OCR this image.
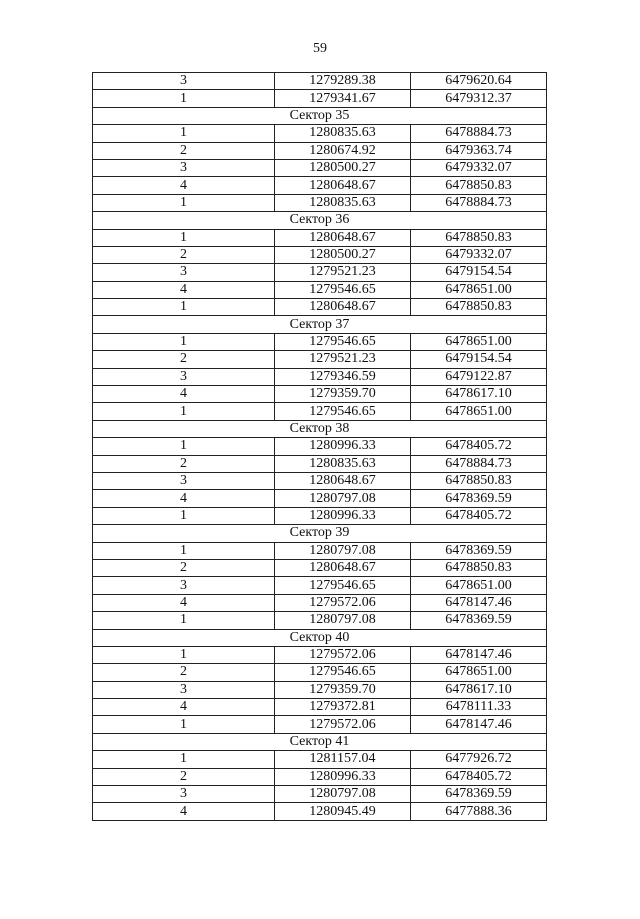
59
3	1279289.38	6479620.64
1	1279341.67	6479312.37
Сектор 35		
1	1280835.63	6478884.73
2	1280674.92	6479363.74
3	1280500.27	6479332.07
4	1280648.67	6478850.83
1	1280835.63	6478884.73
Сектор 36		
1	1280648.67	6478850.83
2	1280500.27	6479332.07
3	1279521.23	6479154.54
4	1279546.65	6478651.00
1	1280648.67	6478850.83
Сектор 37		
1	1279546.65	6478651.00
2	1279521.23	6479154.54
3	1279346.59	6479122.87
4	1279359.70	6478617.10
1	1279546.65	6478651.00
Сектор 38		
1	1280996.33	6478405.72
2	1280835.63	6478884.73
3	1280648.67	6478850.83
4	1280797.08	6478369.59
1	1280996.33	6478405.72
Сектор 39		
1	1280797.08	6478369.59
2	1280648.67	6478850.83
3	1279546.65	6478651.00
4	1279572.06	6478147.46
1	1280797.08	6478369.59
Сектор 40		
1	1279572.06	6478147.46
2	1279546.65	6478651.00
3	1279359.70	6478617.10
4	1279372.81	6478111.33
1	1279572.06	6478147.46
Сектор 41		
1	1281157.04	6477926.72
2	1280996.33	6478405.72
3	1280797.08	6478369.59
4	1280945.49	6477888.36
